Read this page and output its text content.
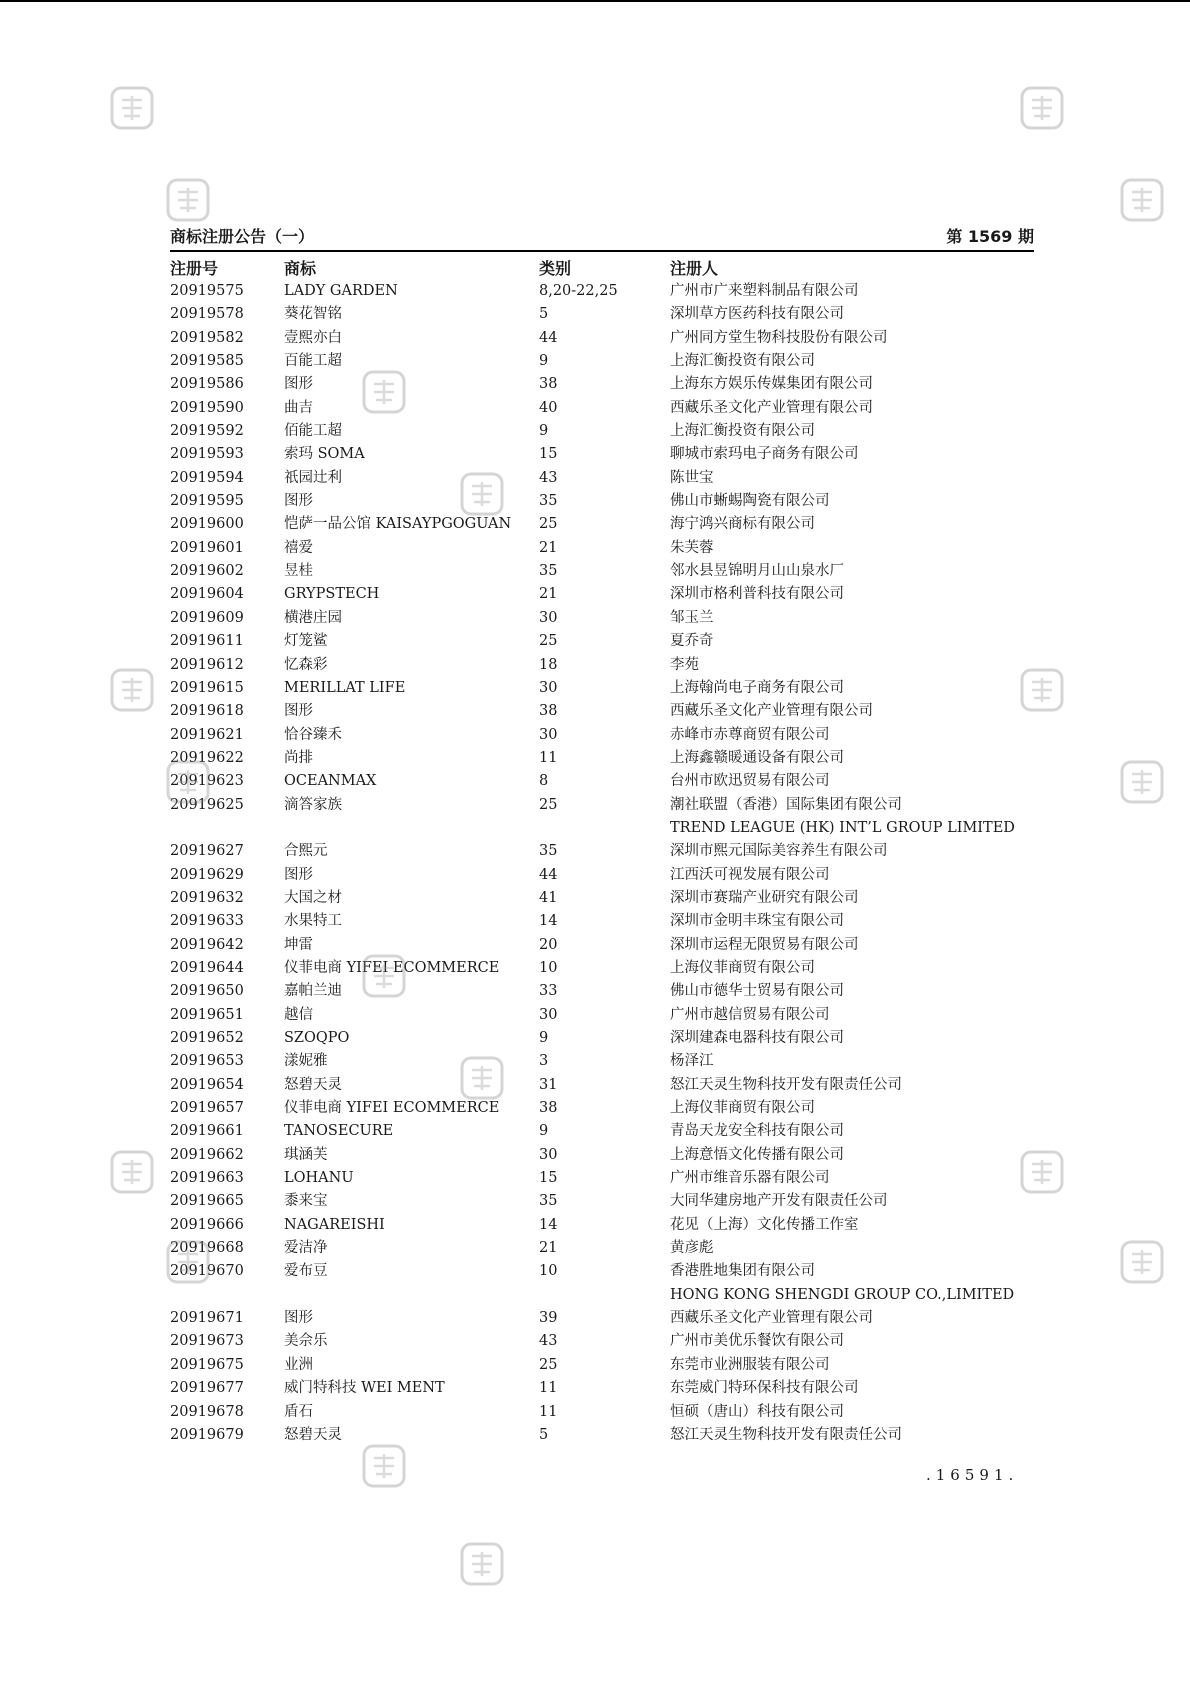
商标注册公告（一）	第 1569 期
注册号	商标	类别	注册人
20919575	LADY GARDEN	8,20-22,25	广州市广来塑料制品有限公司
20919578	葵花智铭	5	深圳草方医药科技有限公司
20919582	壹熙亦白	44	广州同方堂生物科技股份有限公司
20919585	百能工超	9	上海汇衡投资有限公司
20919586	图形	38	上海东方娱乐传媒集团有限公司
20919590	曲吉	40	西藏乐圣文化产业管理有限公司
20919592	佰能工超	9	上海汇衡投资有限公司
20919593	索玛 SOMA	15	聊城市索玛电子商务有限公司
20919594	祇园辻利	43	陈世宝
20919595	图形	35	佛山市蜥蜴陶瓷有限公司
20919600	恺萨一品公馆 KAISAYPGOGUAN 25	海宁鸿兴商标有限公司
20919601	禧爱	21	朱芙蓉
20919602	昱桂	35	邻水县昱锦明月山山泉水厂
20919604	GRYPSTECH	21	深圳市格利普科技有限公司
20919609	横港庄园	30	邹玉兰
20919611	灯笼鲨	25	夏乔奇
20919612	忆森彩	18	李苑
20919615	MERILLAT LIFE	30	上海翰尚电子商务有限公司
20919618	图形	38	西藏乐圣文化产业管理有限公司
20919621	恰谷臻禾	30	赤峰市赤尊商贸有限公司
20919622	尚排	11	上海鑫赣暖通设备有限公司
20919623	OCEANMAX	8	台州市欧迅贸易有限公司
20919625	滴答家族	25	潮社联盟（香港）国际集团有限公司
TREND LEAGUE (HK) INT’L GROUP LIMITED
20919627	合熙元	35	深圳市熙元国际美容养生有限公司
20919629	图形	44	江西沃可视发展有限公司
20919632	大国之材	41	深圳市赛瑞产业研究有限公司
20919633	水果特工	14	深圳市金明丰珠宝有限公司
20919642	坤雷	20	深圳市运程无限贸易有限公司
20919644	仪菲电商 YIFEI ECOMMERCE	10	上海仪菲商贸有限公司
20919650	嘉帕兰迪	33	佛山市德华士贸易有限公司
20919651	越信	30	广州市越信贸易有限公司
20919652	SZOQPO	9	深圳建森电器科技有限公司
20919653	漾妮雅	3	杨泽江
20919654	怒碧天灵	31	怒江天灵生物科技开发有限责任公司
20919657	仪菲电商 YIFEI ECOMMERCE	38	上海仪菲商贸有限公司
20919661	TANOSECURE	9	青岛天龙安全科技有限公司
20919662	琪涵芙	30	上海意悟文化传播有限公司
20919663	LOHANU	15	广州市维音乐器有限公司
20919665	黍来宝	35	大同华建房地产开发有限责任公司
20919666	NAGAREISHI	14	花见（上海）文化传播工作室
20919668	爱洁净	21	黄彦彪
20919670	爱布豆	10	香港胜地集团有限公司
HONG KONG SHENGDI GROUP CO.,LIMITED
20919671	图形	39	西藏乐圣文化产业管理有限公司
20919673	美佘乐	43	广州市美优乐餐饮有限公司
20919675	业洲	25	东莞市业洲服装有限公司
20919677	威门特科技 WEI MENT	11	东莞威门特环保科技有限公司
20919678	盾石	11	恒硕（唐山）科技有限公司
20919679	怒碧天灵	5	怒江天灵生物科技开发有限责任公司
.16591.
